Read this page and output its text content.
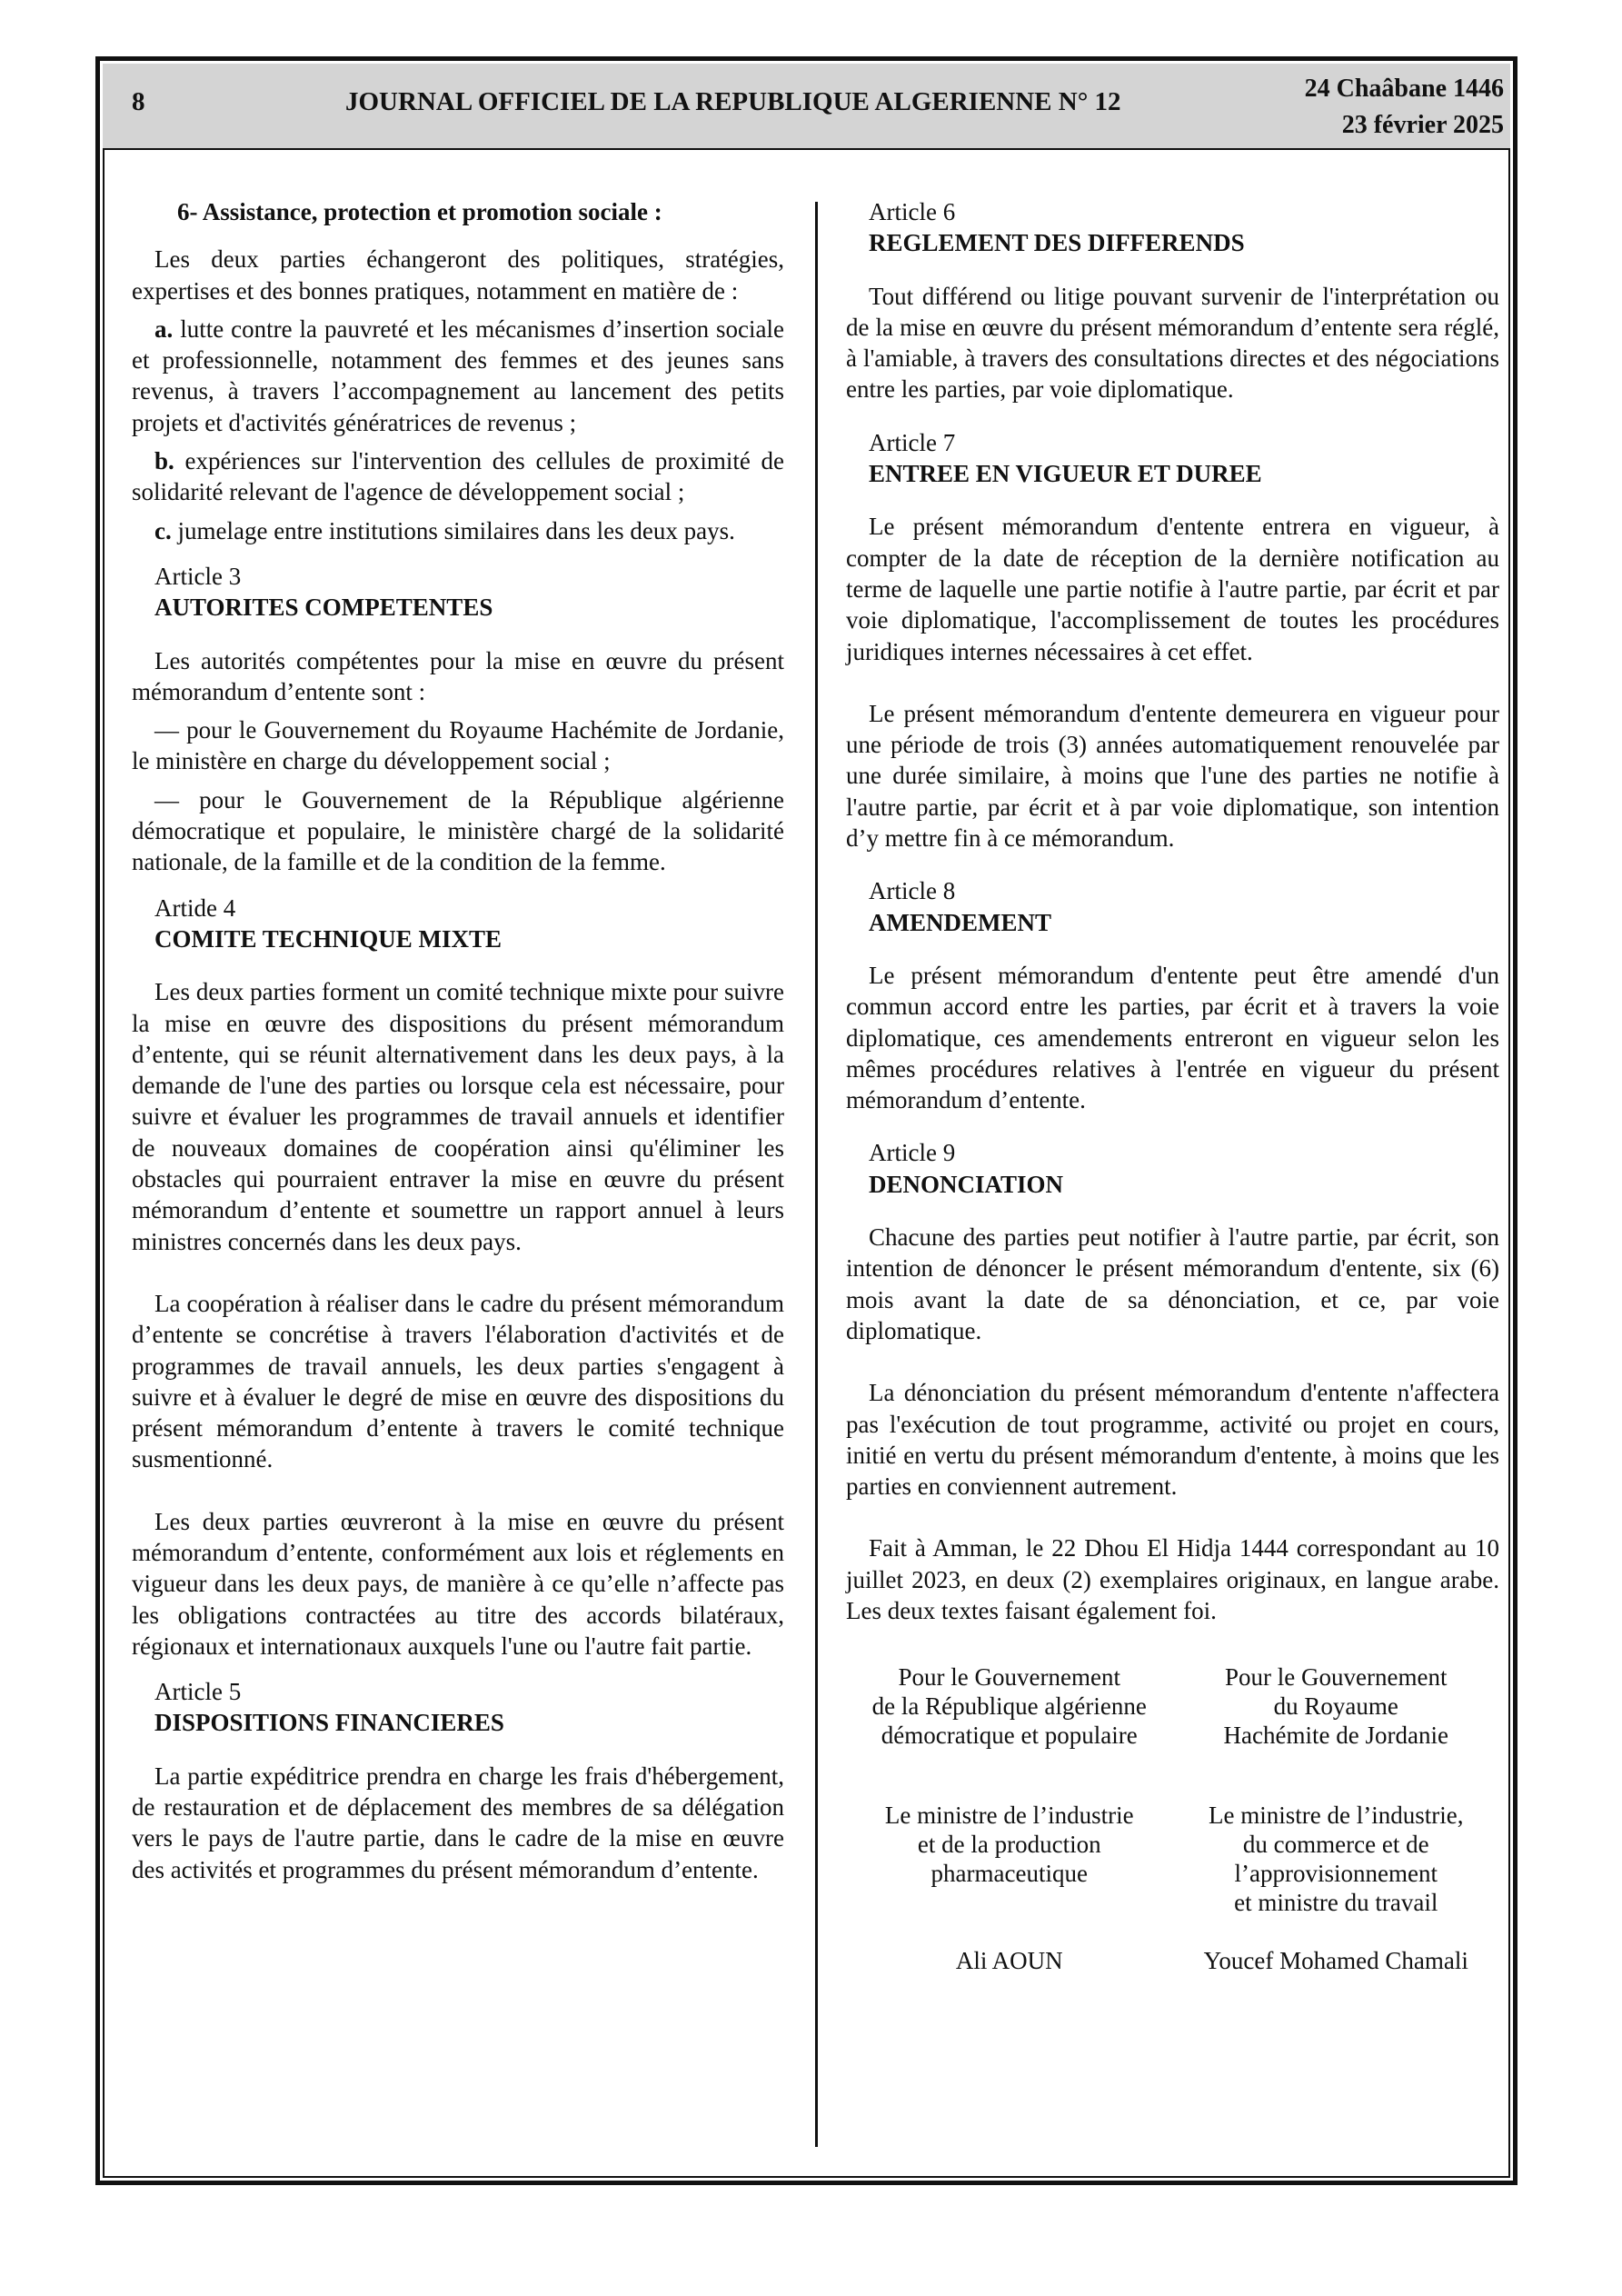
8	JOURNAL OFFICIEL DE LA REPUBLIQUE ALGERIENNE N° 12	24 Chaâbane 1446
23 février 2025

6- Assistance, protection et promotion sociale :

Les deux parties échangeront des politiques, stratégies, expertises et des bonnes pratiques, notamment en matière de :

a. lutte contre la pauvreté et les mécanismes d’insertion sociale et professionnelle, notamment des femmes et des jeunes sans revenus, à travers l’accompagnement au lancement des petits projets et d'activités génératrices de revenus ;

b. expériences sur l'intervention des cellules de proximité de solidarité relevant de l'agence de développement social ;

c. jumelage entre institutions similaires dans les deux pays.

Article 3

AUTORITES COMPETENTES

Les autorités compétentes pour la mise en œuvre du présent mémorandum d’entente sont :

— pour le Gouvernement du Royaume Hachémite de Jordanie, le ministère en charge du développement social ;

— pour le Gouvernement de la République algérienne démocratique et populaire, le ministère chargé de la solidarité nationale, de la famille et de la condition de la femme.

Artide 4

COMITE TECHNIQUE MIXTE

Les deux parties forment un comité technique mixte pour suivre la mise en œuvre des dispositions du présent mémorandum d’entente, qui se réunit alternativement dans les deux pays, à la demande de l'une des parties ou lorsque cela est nécessaire, pour suivre et évaluer les programmes de travail annuels et identifier de nouveaux domaines de coopération ainsi qu'éliminer les obstacles qui pourraient entraver la mise en œuvre du présent mémorandum d’entente et soumettre un rapport annuel à leurs ministres concernés dans les deux pays.

La coopération à réaliser dans le cadre du présent mémorandum d’entente se concrétise à travers l'élaboration d'activités et de programmes de travail annuels, les deux parties s'engagent à suivre et à évaluer le degré de mise en œuvre des dispositions du présent mémorandum d’entente à travers le comité technique susmentionné.

Les deux parties œuvreront à la mise en œuvre du présent mémorandum d’entente, conformément aux lois et réglements en vigueur dans les deux pays, de manière à ce qu’elle n’affecte pas les obligations contractées au titre des accords bilatéraux, régionaux et internationaux auxquels l'une ou l'autre fait partie.

Article 5

DISPOSITIONS FINANCIERES

La partie expéditrice prendra en charge les frais d'hébergement, de restauration et de déplacement des membres de sa délégation vers le pays de l'autre partie, dans le cadre de la mise en œuvre des activités et programmes du présent mémorandum d’entente.

Article 6

REGLEMENT DES DIFFERENDS

Tout différend ou litige pouvant survenir de l'interprétation ou de la mise en œuvre du présent mémorandum d’entente sera réglé, à l'amiable, à travers des consultations directes et des négociations entre les parties, par voie diplomatique.

Article 7

ENTREE EN VIGUEUR ET DUREE

Le présent mémorandum d'entente entrera en vigueur, à compter de la date de réception de la dernière notification au terme de laquelle une partie notifie à l'autre partie, par écrit et par voie diplomatique, l'accomplissement de toutes les procédures juridiques internes nécessaires à cet effet.

Le présent mémorandum d'entente demeurera en vigueur pour une période de trois (3) années automatiquement renouvelée par une durée similaire, à moins que l'une des parties ne notifie à l'autre partie, par écrit et à par voie diplomatique, son intention d’y mettre fin à ce mémorandum.

Article 8

AMENDEMENT

Le présent mémorandum d'entente peut être amendé d'un commun accord entre les parties, par écrit et à travers la voie diplomatique, ces amendements entreront en vigueur selon les mêmes procédures relatives à l'entrée en vigueur du présent mémorandum d’entente.

Article 9

DENONCIATION

Chacune des parties peut notifier à l'autre partie, par écrit, son intention de dénoncer le présent mémorandum d'entente, six (6) mois avant la date de sa dénonciation, et ce, par voie diplomatique.

La dénonciation du présent mémorandum d'entente n'affectera pas l'exécution de tout programme, activité ou projet en cours, initié en vertu du présent mémorandum d'entente, à moins que les parties en conviennent autrement.

Fait à Amman, le 22 Dhou El Hidja 1444 correspondant au 10 juillet 2023, en deux (2) exemplaires originaux, en langue arabe. Les deux textes faisant également foi.

Pour le Gouvernement
de la République algérienne
démocratique et populaire
Le ministre de l’industrie
et de la production
pharmaceutique
Ali AOUN
Pour le Gouvernement
du Royaume
Hachémite de Jordanie
Le ministre de l’industrie,
du commerce et de
l’approvisionnement
et ministre du travail
Youcef Mohamed Chamali
